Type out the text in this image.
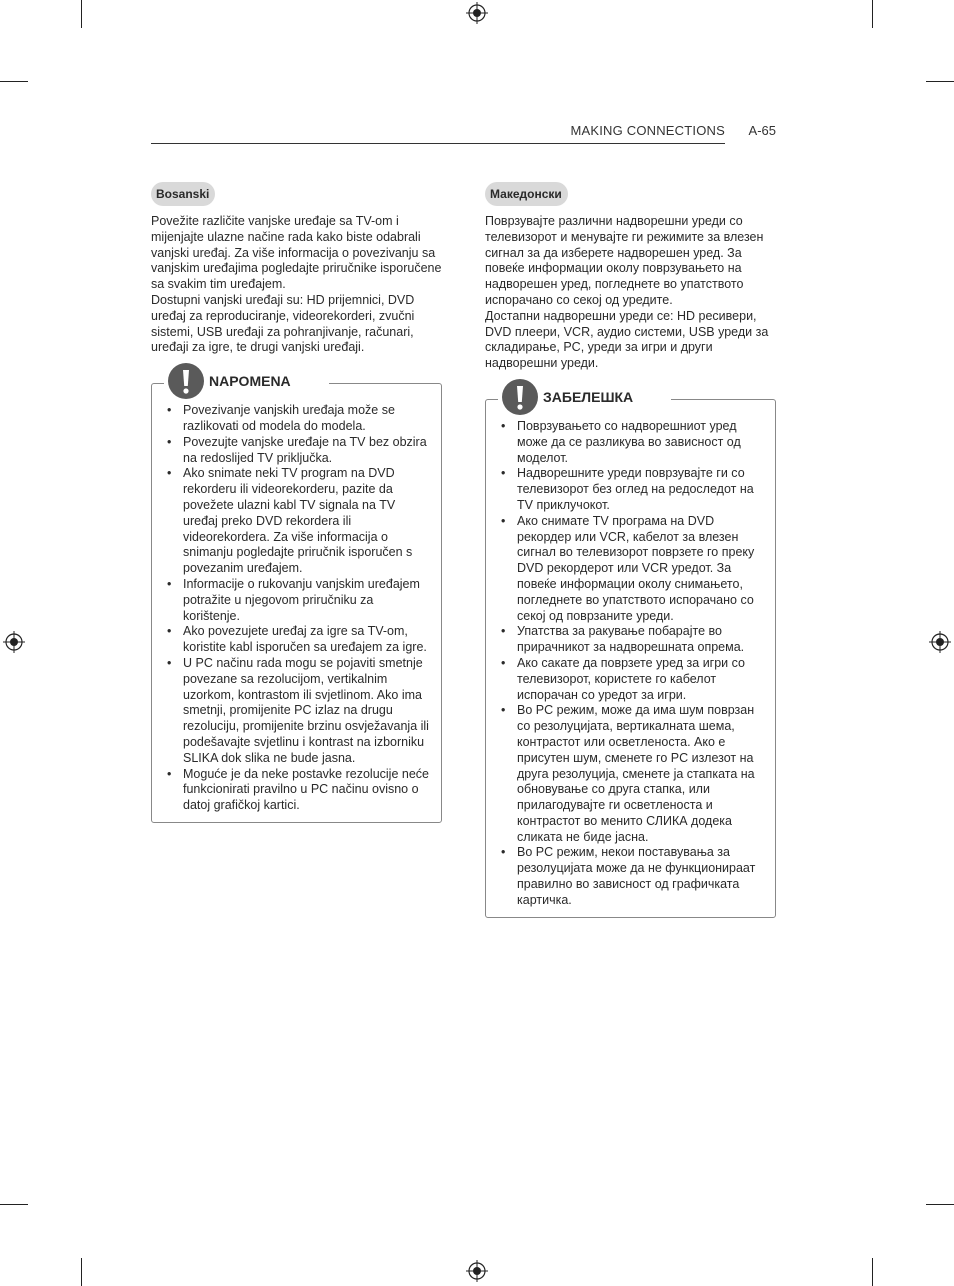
MAKING CONNECTIONS A-65
Bosanski

Povežite različite vanjske uređaje sa TV-om i mijenjajte ulazne načine rada kako biste odabrali vanjski uređaj. Za više informacija o povezivanju sa vanjskim uređajima pogledajte priručnike isporučene sa svakim tim uređajem.

Dostupni vanjski uređaji su: HD prijemnici, DVD uređaj za reproduciranje, videorekorderi, zvučni sistemi, USB uređaji za pohranjivanje, računari, uređaji za igre, te drugi vanjski uređaji.

NAPOMENA
• Povezivanje vanjskih uređaja može se razlikovati od modela do modela.
• Povezujte vanjske uređaje na TV bez obzira na redoslijed TV priključka.
• Ako snimate neki TV program na DVD rekorderu ili videorekorderu, pazite da povežete ulazni kabl TV signala na TV uređaj preko DVD rekordera ili videorekordera. Za više informacija o snimanju pogledajte priručnik isporučen s povezanim uređajem.
• Informacije o rukovanju vanjskim uređajem potražite u njegovom priručniku za korištenje.
• Ako povezujete uređaj za igre sa TV-om, koristite kabl isporučen sa uređajem za igre.
• U PC načinu rada mogu se pojaviti smetnje povezane sa rezolucijom, vertikalnim uzorkom, kontrastom ili svjetlinom. Ako ima smetnji, promijenite PC izlaz na drugu rezoluciju, promijenite brzinu osvježavanja ili podešavajte svjetlinu i kontrast na izborniku SLIKA dok slika ne bude jasna.
• Moguće je da neke postavke rezolucije neće funkcionirati pravilno u PC načinu ovisno o datoj grafičkoj kartici.
Македонски

Поврзувајте различни надворешни уреди со телевизорот и менувајте ги режимите за влезен сигнал за да изберете надворешен уред. За повеќе информации околу поврзувањето на надворешен уред, погледнете во упатството испорачано со секој од уредите.

Достапни надворешни уреди се: HD ресивери, DVD плеери, VCR, аудио системи, USB уреди за складирање, PC, уреди за игри и други надворешни уреди.

ЗАБЕЛЕШКА
• Поврзувањето со надворешниот уред може да се разликува во зависност од моделот.
• Надворешните уреди поврзувајте ги со телевизорот без оглед на редоследот на TV приклучокот.
• Ако снимате TV програма на DVD рекордер или VCR, кабелот за влезен сигнал во телевизорот поврзете го преку DVD рекордерот или VCR уредот. За повеќе информации околу снимањето, погледнете во упатството испорачано со секој од поврзаните уреди.
• Упатства за ракување побарајте во прирачникот за надворешната опрема.
• Ако сакате да поврзете уред за игри со телевизорот, користете го кабелот испорачан со уредот за игри.
• Во PC режим, може да има шум поврзан со резолуцијата, вертикалната шема, контрастот или осветленоста. Ако е присутен шум, сменете го PC излезот на друга резолуција, сменете ја стапката на обновување со друга стапка, или прилагодувајте ги осветленоста и контрастот во менито СЛИКА додека сликата не биде јасна.
• Во PC режим, некои поставувања за резолуцијата може да не функционираат правилно во зависност од графичката картичка.
